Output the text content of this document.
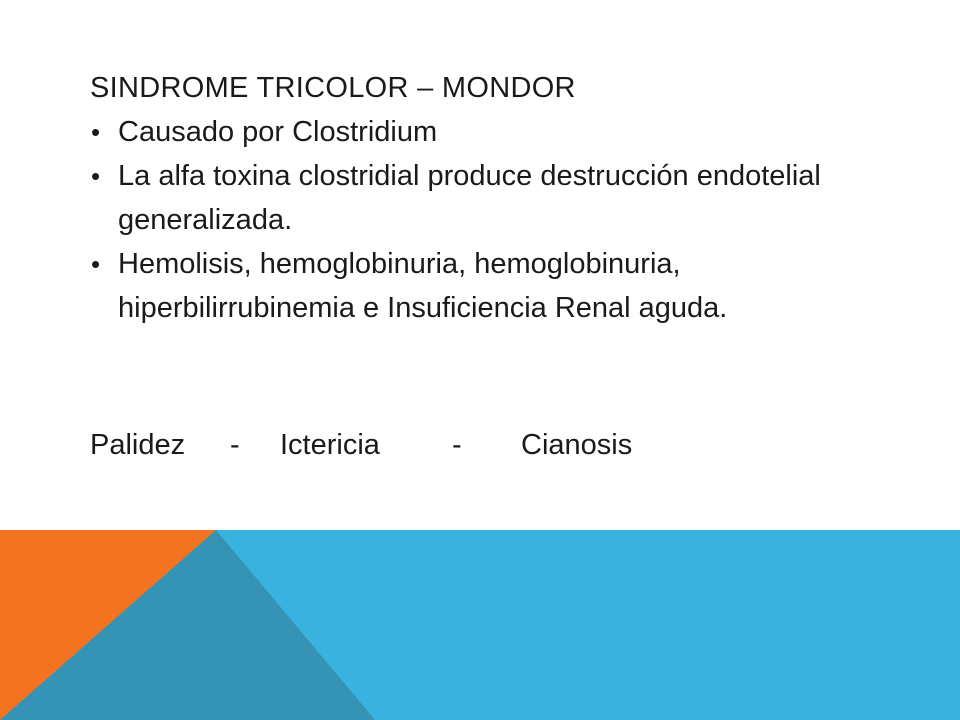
SINDROME TRICOLOR – MONDOR
• Causado por Clostridium
• La alfa toxina clostridial produce destrucción endotelial generalizada.
• Hemolisis, hemoglobinuria, hemoglobinuria, hiperbilirrubinemia e Insuficiencia Renal aguda.
Palidez - Ictericia - Cianosis
